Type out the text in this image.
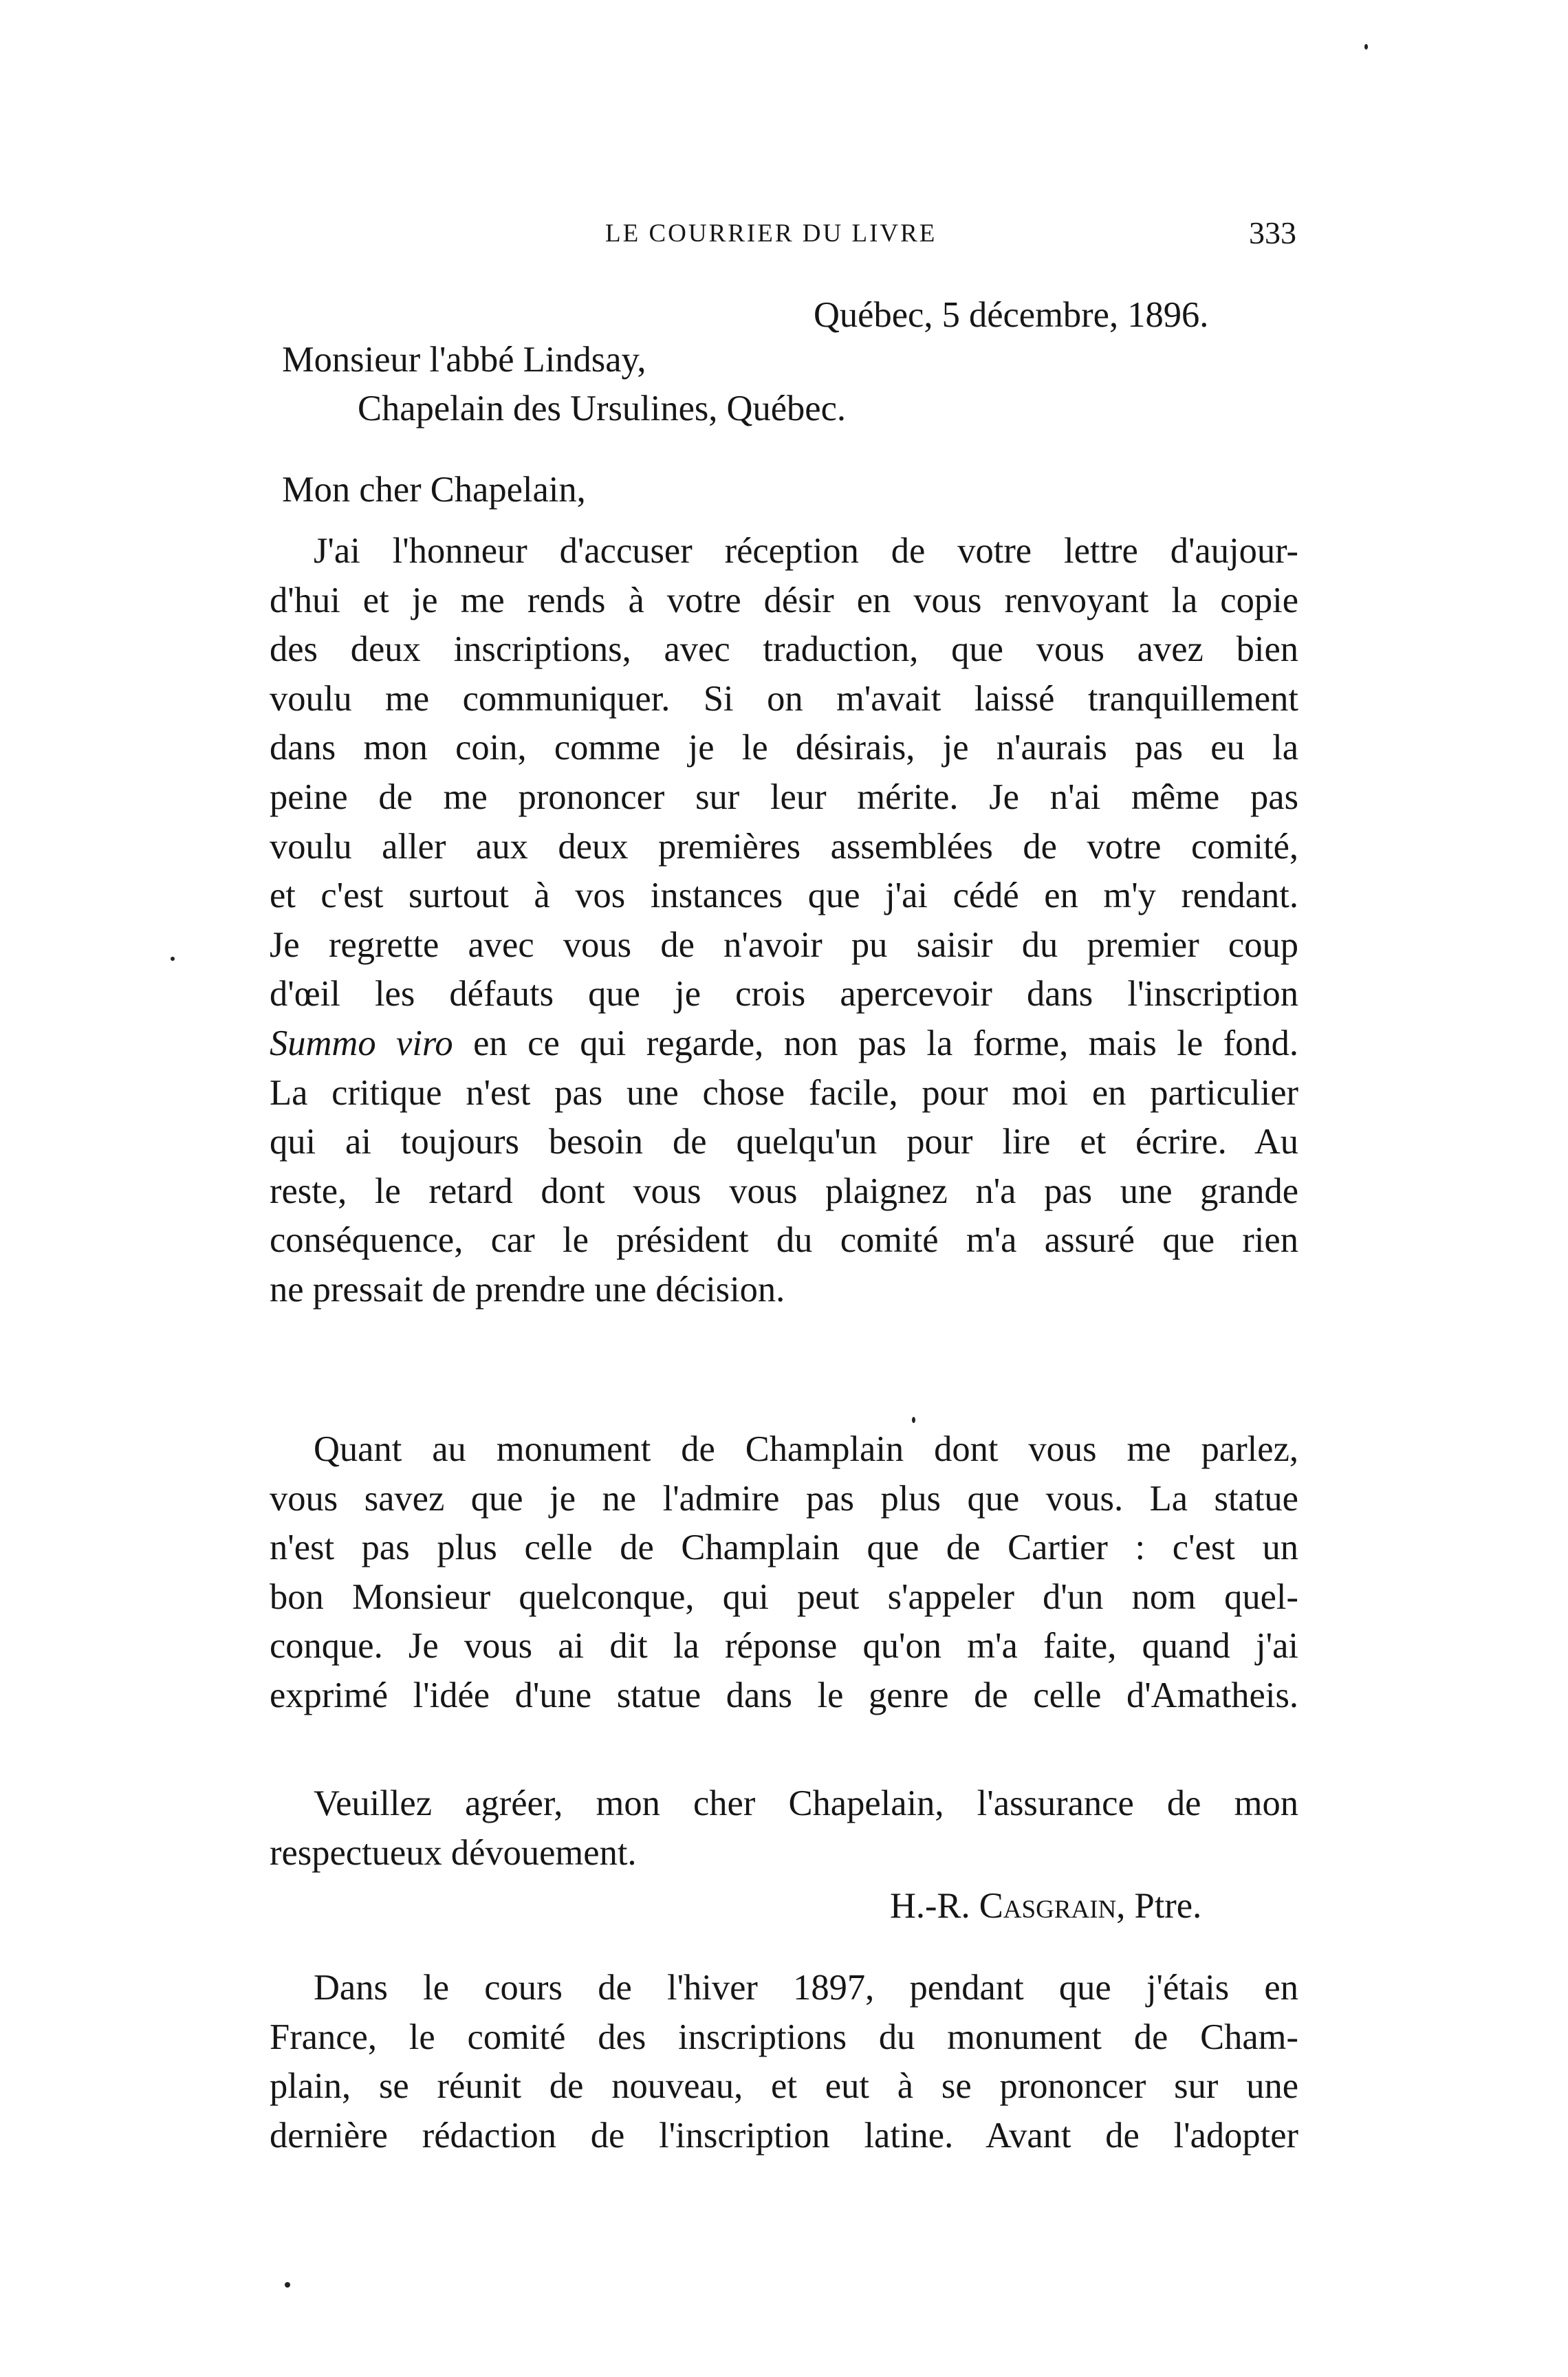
LE COURRIER DU LIVRE	333
Québec, 5 décembre, 1896.
Monsieur l'abbé Lindsay,
Chapelain des Ursulines, Québec.
Mon cher Chapelain,
J'ai l'honneur d'accuser réception de votre lettre d'aujour-
d'hui et je me rends à votre désir en vous renvoyant la copie
des deux inscriptions, avec traduction, que vous avez bien
voulu me communiquer. Si on m'avait laissé tranquillement
dans mon coin, comme je le désirais, je n'aurais pas eu la
peine de me prononcer sur leur mérite. Je n'ai même pas
voulu aller aux deux premières assemblées de votre comité,
et c'est surtout à vos instances que j'ai cédé en m'y rendant.
Je regrette avec vous de n'avoir pu saisir du premier coup
d'œil les défauts que je crois apercevoir dans l'inscription
Summo viro en ce qui regarde, non pas la forme, mais le fond.
La critique n'est pas une chose facile, pour moi en particulier
qui ai toujours besoin de quelqu'un pour lire et écrire. Au
reste, le retard dont vous vous plaignez n'a pas une grande
conséquence, car le président du comité m'a assuré que rien
ne pressait de prendre une décision.
Quant au monument de Champlain dont vous me parlez,
vous savez que je ne l'admire pas plus que vous. La statue
n'est pas plus celle de Champlain que de Cartier : c'est un
bon Monsieur quelconque, qui peut s'appeler d'un nom quel-
conque. Je vous ai dit la réponse qu'on m'a faite, quand j'ai
exprimé l'idée d'une statue dans le genre de celle d'Amatheis.
Veuillez agréer, mon cher Chapelain, l'assurance de mon
respectueux dévouement.
H.-R. Casgrain, Ptre.
Dans le cours de l'hiver 1897, pendant que j'étais en
France, le comité des inscriptions du monument de Cham-
plain, se réunit de nouveau, et eut à se prononcer sur une
dernière rédaction de l'inscription latine. Avant de l'adopter
